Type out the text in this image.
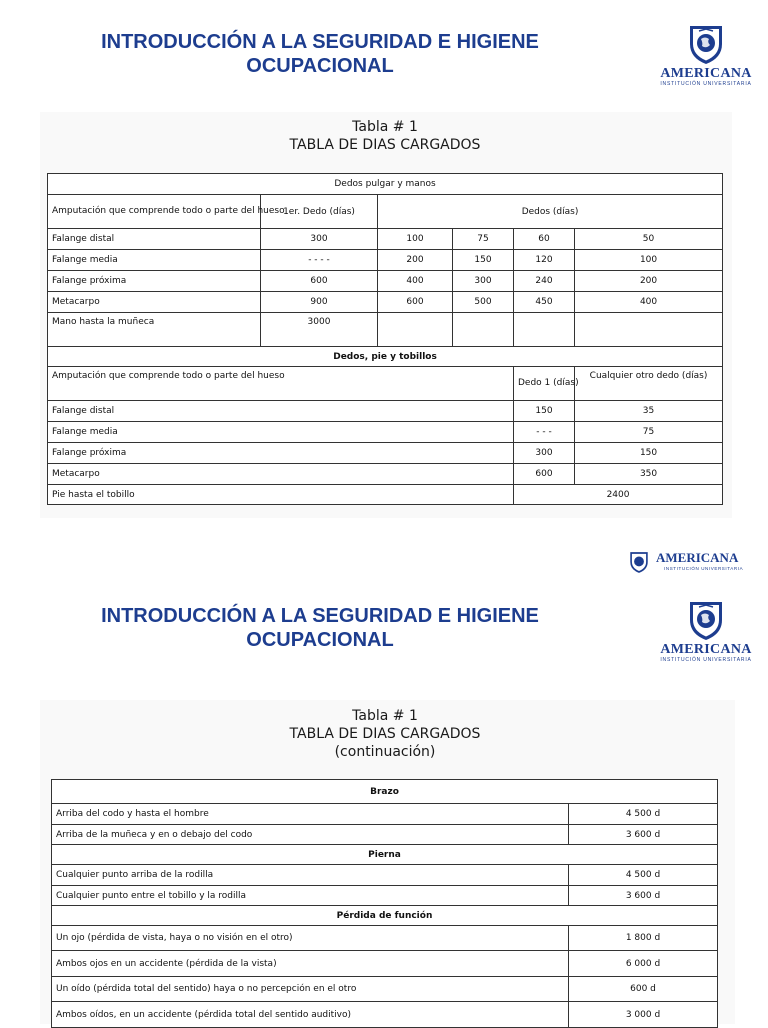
INTRODUCCIÓN A LA SEGURIDAD E HIGIENE
OCUPACIONAL	AMERICANA
INSTITUCIÓN UNIVERSITARIA
Tabla # 1
TABLA DE DIAS CARGADOS
Dedos pulgar y manos					
Amputación que comprende todo o parte del hueso	1er. Dedo (días)	Dedos (días)			
Falange distal	300	100	75	60	50
Falange media	- - - -	200	150	120	100
Falange próxima	600	400	300	240	200
Metacarpo	900	600	500	450	400
Mano hasta la muñeca	3000				
Dedos, pie y tobillos					
Amputación que comprende todo o parte del hueso				Dedo 1 (días)	Cualquier otro dedo (días)
Falange distal				150	35
Falange media				- - -	75
Falange próxima				300	150
Metacarpo				600	350
Pie hasta el tobillo				2400	
AMERICANA
INSTITUCIÓN UNIVERSITARIA
INTRODUCCIÓN A LA SEGURIDAD E HIGIENE
OCUPACIONAL	AMERICANA
INSTITUCIÓN UNIVERSITARIA
Tabla # 1
TABLA DE DIAS CARGADOS
(continuación)
Brazo	
Arriba del codo y hasta el hombre	4 500 d
Arriba de la muñeca y en o debajo del codo	3 600 d
Pierna	
Cualquier punto arriba de la rodilla	4 500 d
Cualquier punto entre el tobillo y la rodilla	3 600 d
Pérdida de función	
Un ojo (pérdida de vista, haya o no visión en el otro)	1 800 d
Ambos ojos en un accidente (pérdida de la vista)	6 000 d
Un oído (pérdida total del sentido) haya o no percepción en el otro	600 d
Ambos oídos, en un accidente (pérdida total del sentido auditivo)	3 000 d
